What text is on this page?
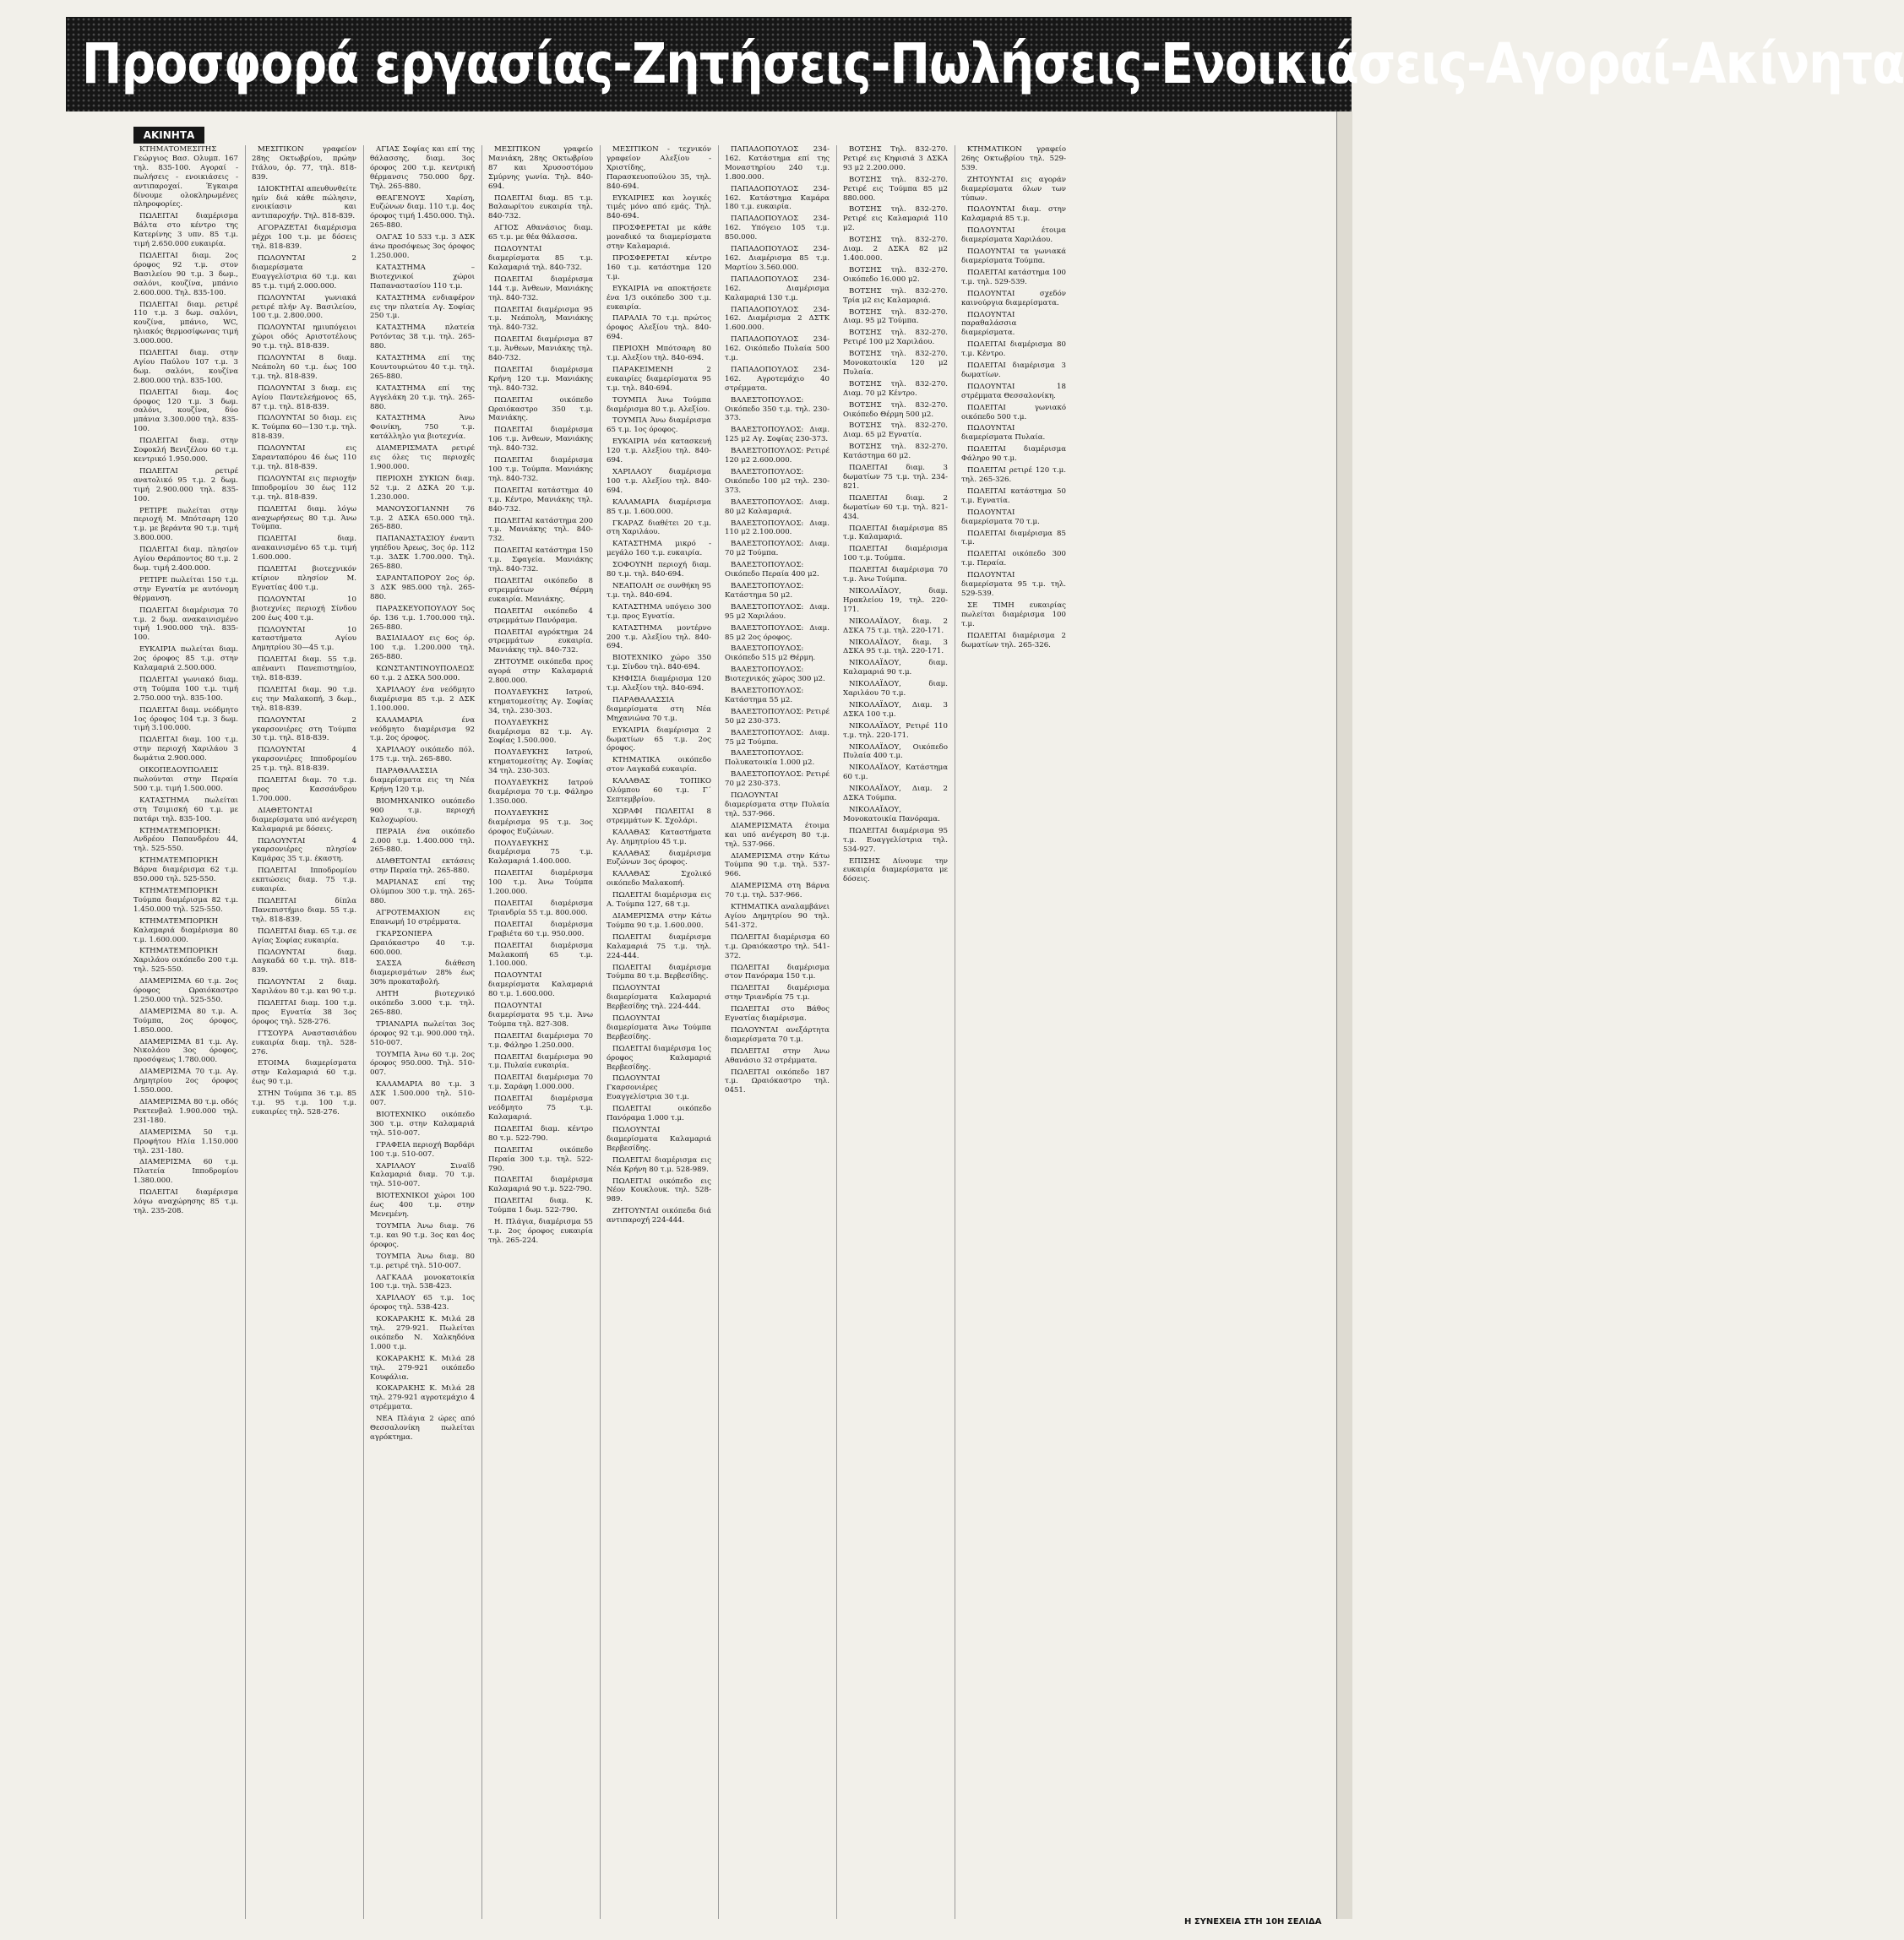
Προσφορά εργασίας-Ζητήσεις-Πωλήσεις-Ενοικιάσεις-Αγοραί-Ακίνητα
ΑΚΙΝΗΤΑ

ΚΤΗΜΑΤΟΜΕΣΙΤΗΣ Γεώργιος Βασ. Ολυμπ. 167 τηλ. 835-100. Αγοραί - πωλήσεις - ενοικιάσεις - αντιπαροχαί. Έγκαιρα δίνουμε ολοκληρωμένες πληροφορίες.

ΠΩΛΕΙΤΑΙ διαμέρισμα Βάλτα στο κέντρο της Κατερίνης 3 υπν. 85 τ.μ. τιμή 2.650.000 ευκαιρία.

ΠΩΛΕΙΤΑΙ διαμ. 2ος όροφος 92 τ.μ. στον Βασιλείου 90 τ.μ. 3 δωμ., σαλόνι, κουζίνα, μπάνιο 2.600.000. Τηλ. 835-100.

ΠΩΛΕΙΤΑΙ διαμ. ρετιρέ 110 τ.μ. 3 δωμ. σαλόνι, κουζίνα, μπάνιο, WC, ηλιακός θερμοσίφωνας τιμή 3.000.000.

ΠΩΛΕΙΤΑΙ διαμ. στην Αγίου Παύλου 107 τ.μ. 3 δωμ. σαλόνι, κουζίνα 2.800.000 τηλ. 835-100.

ΠΩΛΕΙΤΑΙ διαμ. 4ος όροφος 120 τ.μ. 3 δωμ. σαλόνι, κουζίνα, δύο μπάνια 3.300.000 τηλ. 835-100.

ΠΩΛΕΙΤΑΙ διαμ. στην Σοφοκλή Βενιζέλου 60 τ.μ. κεντρικό 1.950.000.

ΠΩΛΕΙΤΑΙ ρετιρέ ανατολικό 95 τ.μ. 2 δωμ. τιμή 2.900.000 τηλ. 835-100.

ΡΕΤΙΡΕ πωλείται στην περιοχή Μ. Μπότσαρη 120 τ.μ. με βεράντα 90 τ.μ. τιμή 3.800.000.

ΠΩΛΕΙΤΑΙ διαμ. πλησίον Αγίου Θεράποντος 80 τ.μ. 2 δωμ. τιμή 2.400.000.

ΡΕΤΙΡΕ πωλείται 150 τ.μ. στην Εγνατία με αυτόνομη θέρμανση.

ΠΩΛΕΙΤΑΙ διαμέρισμα 70 τ.μ. 2 δωμ. ανακαινισμένο τιμή 1.900.000 τηλ. 835-100.

ΕΥΚΑΙΡΙΑ πωλείται διαμ. 2ος όροφος 85 τ.μ. στην Καλαμαριά 2.500.000.

ΠΩΛΕΙΤΑΙ γωνιακό διαμ. στη Τούμπα 100 τ.μ. τιμή 2.750.000 τηλ. 835-100.

ΠΩΛΕΙΤΑΙ διαμ. νεόδμητο 1ος όροφος 104 τ.μ. 3 δωμ. τιμή 3.100.000.

ΠΩΛΕΙΤΑΙ διαμ. 100 τ.μ. στην περιοχή Χαριλάου 3 δωμάτια 2.900.000.

ΟΙΚΟΠΕΔΟΥΠΟΛΕΙΣ πωλούνται στην Περαία 500 τ.μ. τιμή 1.500.000.

ΚΑΤΑΣΤΗΜΑ πωλείται στη Τσιμισκή 60 τ.μ. με πατάρι τηλ. 835-100.

ΚΤΗΜΑΤΕΜΠΟΡΙΚΗ: Ανδρέου Παπανδρέου 44, τηλ. 525-550.

ΚΤΗΜΑΤΕΜΠΟΡΙΚΗ Βάρνα διαμέρισμα 62 τ.μ. 850.000 τηλ. 525-550.

ΚΤΗΜΑΤΕΜΠΟΡΙΚΗ Τούμπα διαμέρισμα 82 τ.μ. 1.450.000 τηλ. 525-550.

ΚΤΗΜΑΤΕΜΠΟΡΙΚΗ Καλαμαριά διαμέρισμα 80 τ.μ. 1.600.000.

ΚΤΗΜΑΤΕΜΠΟΡΙΚΗ Χαριλάου οικόπεδο 200 τ.μ. τηλ. 525-550.

ΔΙΑΜΕΡΙΣΜΑ 60 τ.μ. 2ος όροφος Ωραιόκαστρο 1.250.000 τηλ. 525-550.

ΔΙΑΜΕΡΙΣΜΑ 80 τ.μ. Α. Τούμπα, 2ος όροφος, 1.850.000.

ΔΙΑΜΕΡΙΣΜΑ 81 τ.μ. Αγ. Νικολάου 3ος όροφος, προσόψεως 1.780.000.

ΔΙΑΜΕΡΙΣΜΑ 70 τ.μ. Αγ. Δημητρίου 2ος όροφος 1.550.000.

ΔΙΑΜΕΡΙΣΜΑ 80 τ.μ. οδός Ρεκτενβαλ 1.900.000 τηλ. 231-180.

ΔΙΑΜΕΡΙΣΜΑ 50 τ.μ. Προφήτου Ηλία 1.150.000 τηλ. 231-180.

ΔΙΑΜΕΡΙΣΜΑ 60 τ.μ. Πλατεία Ιπποδρομίου 1.380.000.

ΠΩΛΕΙΤΑΙ διαμέρισμα λόγω αναχώρησης 85 τ.μ. τηλ. 235-208.

ΜΕΣΙΤΙΚΟΝ γραφείον 28ης Οκτωβρίου, πρώην Ιτάλου, όρ. 77, τηλ. 818-839.

ΙΔΙΟΚΤΗΤΑΙ απευθυνθείτε ημίν διά κάθε πώλησιν, ενοικίασιν και αντιπαροχήν. Τηλ. 818-839.

ΑΓΟΡΑΖΕΤΑΙ διαμέρισμα μέχρι 100 τ.μ. με δόσεις τηλ. 818-839.

ΠΩΛΟΥΝΤΑΙ 2 διαμερίσματα Ευαγγελίστρια 60 τ.μ. και 85 τ.μ. τιμή 2.000.000.

ΠΩΛΟΥΝΤΑΙ γωνιακά ρετιρέ πλήν Αγ. Βασιλείου, 100 τ.μ. 2.800.000.

ΠΩΛΟΥΝΤΑΙ ημιυπόγειοι χώροι οδός Αριστοτέλους 90 τ.μ. τηλ. 818-839.

ΠΩΛΟΥΝΤΑΙ 8 διαμ. Νεάπολη 60 τ.μ. έως 100 τ.μ. τηλ. 818-839.

ΠΩΛΟΥΝΤΑΙ 3 διαμ. εις Αγίου Παντελεήμονος 65, 87 τ.μ. τηλ. 818-839.

ΠΩΛΟΥΝΤΑΙ 50 διαμ. εις Κ. Τούμπα 60—130 τ.μ. τηλ. 818-839.

ΠΩΛΟΥΝΤΑΙ εις Σαρανταπόρου 46 έως 110 τ.μ. τηλ. 818-839.

ΠΩΛΟΥΝΤΑΙ εις περιοχήν Ιπποδρομίου 30 έως 112 τ.μ. τηλ. 818-839.

ΠΩΛΕΙΤΑΙ διαμ. λόγω αναχωρήσεως 80 τ.μ. Άνω Τούμπα.

ΠΩΛΕΙΤΑΙ διαμ. ανακαινισμένο 65 τ.μ. τιμή 1.600.000.

ΠΩΛΕΙΤΑΙ βιοτεχνικόν κτίριον πλησίον Μ. Εγνατίας 400 τ.μ.

ΠΩΛΟΥΝΤΑΙ 10 βιοτεχνίες περιοχή Σίνδου 200 έως 400 τ.μ.

ΠΩΛΟΥΝΤΑΙ 10 καταστήματα Αγίου Δημητρίου 30—45 τ.μ.

ΠΩΛΕΙΤΑΙ διαμ. 55 τ.μ. απέναντι Πανεπιστημίου, τηλ. 818-839.

ΠΩΛΕΙΤΑΙ διαμ. 90 τ.μ. εις την Μαλακοπή, 3 δωμ., τηλ. 818-839.

ΠΩΛΟΥΝΤΑΙ 2 γκαρσονιέρες στη Τούμπα 30 τ.μ. τηλ. 818-839.

ΠΩΛΟΥΝΤΑΙ 4 γκαρσονιέρες Ιπποδρομίου 25 τ.μ. τηλ. 818-839.

ΠΩΛΕΙΤΑΙ διαμ. 70 τ.μ. προς Κασσάνδρου 1.700.000.

ΔΙΑΘΕΤΟΝΤΑΙ διαμερίσματα υπό ανέγερση Καλαμαριά με δόσεις.

ΠΩΛΟΥΝΤΑΙ 4 γκαρσονιέρες πλησίον Καμάρας 35 τ.μ. έκαστη.

ΠΩΛΕΙΤΑΙ Ιπποδρομίου εκπτώσεις διαμ. 75 τ.μ. ευκαιρία.

ΠΩΛΕΙΤΑΙ δίπλα Πανεπιστήμιο διαμ. 55 τ.μ. τηλ. 818-839.

ΠΩΛΕΙΤΑΙ διαμ. 65 τ.μ. σε Αγίας Σοφίας ευκαιρία.

ΠΩΛΟΥΝΤΑΙ διαμ. Λαγκαδά 60 τ.μ. τηλ. 818-839.

ΠΩΛΟΥΝΤΑΙ 2 διαμ. Χαριλάου 80 τ.μ. και 90 τ.μ.

ΠΩΛΕΙΤΑΙ διαμ. 100 τ.μ. προς Εγνατία 38 3ος όροφος τηλ. 528-276.

ΓΤΣΟΥΡΑ Αναστασιάδου ευκαιρία διαμ. τηλ. 528-276.

ΕΤΟΙΜΑ διαμερίσματα στην Καλαμαριά 60 τ.μ. έως 90 τ.μ.

ΣΤΗΝ Τούμπα 36 τ.μ. 85 τ.μ. 95 τ.μ. 100 τ.μ. ευκαιρίες τηλ. 528-276.

ΑΓΙΑΣ Σοφίας και επί της θάλασσης, διαμ. 3ος όροφος 200 τ.μ. κεντρική θέρμανσις 750.000 δρχ. Τηλ. 265-880.

ΘΕΑΓΕΝΟΥΣ Χαρίση, Ευζώνων διαμ. 110 τ.μ. 4ος όροφος τιμή 1.450.000. Τηλ. 265-880.

ΟΛΓΑΣ 10 533 τ.μ. 3 ΔΣΚ άνω προσόψεως 3ος όροφος 1.250.000.

ΚΑΤΑΣΤΗΜΑ – Βιοτεχνικοί χώροι Παπαναστασίου 110 τ.μ.

ΚΑΤΑΣΤΗΜΑ ενδιαφέρον εις την πλατεία Αγ. Σοφίας 250 τ.μ.

ΚΑΤΑΣΤΗΜΑ πλατεία Ροτόντας 38 τ.μ. τηλ. 265-880.

ΚΑΤΑΣΤΗΜΑ επί της Κουντουριώτου 40 τ.μ. τηλ. 265-880.

ΚΑΤΑΣΤΗΜΑ επί της Αγγελάκη 20 τ.μ. τηλ. 265-880.

ΚΑΤΑΣΤΗΜΑ Άνω Φοινίκη, 750 τ.μ. κατάλληλο για βιοτεχνία.

ΔΙΑΜΕΡΙΣΜΑΤΑ ρετιρέ εις όλες τις περιοχές 1.900.000.

ΠΕΡΙΟΧΗ ΣΥΚΙΩΝ διαμ. 52 τ.μ. 2 ΔΣΚΑ 20 τ.μ. 1.230.000.

ΜΑΝΟΥΣΟΓΙΑΝΝΗ 76 τ.μ. 2 ΔΣΚΑ 650.000 τηλ. 265-880.

ΠΑΠΑΝΑΣΤΑΣΙΟΥ έναντι γηπέδου Άρεως, 3ος όρ. 112 τ.μ. 3ΔΣΚ 1.700.000. Τηλ. 265-880.

ΣΑΡΑΝΤΑΠΟΡΟΥ 2ος όρ. 3 ΔΣΚ 985.000 τηλ. 265-880.

ΠΑΡΑΣΚΕΥΟΠΟΥΛΟΥ 5ος όρ. 136 τ.μ. 1.700.000 τηλ. 265-880.

ΒΑΣΙΛΙΑΔΟΥ εις 6ος όρ. 100 τ.μ. 1.200.000 τηλ. 265-880.

ΚΩΝΣΤΑΝΤΙΝΟΥΠΟΛΕΩΣ 60 τ.μ. 2 ΔΣΚΑ 500.000.

ΧΑΡΙΛΑΟΥ ένα νεόδμητο διαμέρισμα 85 τ.μ. 2 ΔΣΚ 1.100.000.

ΚΑΛΑΜΑΡΙΑ ένα νεόδμητο διαμέρισμα 92 τ.μ. 2ος όροφος.

ΧΑΡΙΛΑΟΥ οικόπεδο πόλ. 175 τ.μ. τηλ. 265-880.

ΠΑΡΑΘΑΛΑΣΣΙΑ διαμερίσματα εις τη Νέα Κρήνη 120 τ.μ.

ΒΙΟΜΗΧΑΝΙΚΟ οικόπεδο 900 τ.μ. περιοχή Καλοχωρίου.

ΠΕΡΑΙΑ ένα οικόπεδο 2.000 τ.μ. 1.400.000 τηλ. 265-880.

ΔΙΑΘΕΤΟΝΤΑΙ εκτάσεις στην Περαία τηλ. 265-880.

ΜΑΡΙΑΝΑΣ επί της Ολύμπου 300 τ.μ. τηλ. 265-880.

ΑΓΡΟΤΕΜΑΧΙΟΝ εις Επανωμή 10 στρέμματα.

ΓΚΑΡΣΟΝΙΕΡΑ Ωραιόκαστρο 40 τ.μ. 600.000.

ΣΑΣΣΑ διάθεση διαμερισμάτων 28% έως 30% προκαταβολή.

ΛΗΤΗ βιοτεχνικό οικόπεδο 3.000 τ.μ. τηλ. 265-880.

ΤΡΙΑΝΔΡΙΑ πωλείται 3ος όροφος 92 τ.μ. 900.000 τηλ. 510-007.

ΤΟΥΜΠΑ Άνω 60 τ.μ. 2ος όροφος 950.000. Τηλ. 510-007.

ΚΑΛΑΜΑΡΙΑ 80 τ.μ. 3 ΔΣΚ 1.500.000 τηλ. 510-007.

ΒΙΟΤΕΧΝΙΚΟ οικόπεδο 300 τ.μ. στην Καλαμαριά τηλ. 510-007.

ΓΡΑΦΕΙΑ περιοχή Βαρδάρι 100 τ.μ. 510-007.

ΧΑΡΙΛΑΟΥ Σιναϊδ Καλαμαριά διαμ. 70 τ.μ. τηλ. 510-007.

ΒΙΟΤΕΧΝΙΚΟΙ χώροι 100 έως 400 τ.μ. στην Μενεμένη.

ΤΟΥΜΠΑ Άνω διαμ. 76 τ.μ. και 90 τ.μ. 3ος και 4ος όροφος.

ΤΟΥΜΠΑ Άνω διαμ. 80 τ.μ. ρετιρέ τηλ. 510-007.

ΛΑΓΚΑΔΑ μονοκατοικία 100 τ.μ. τηλ. 538-423.

ΧΑΡΙΛΑΟΥ 65 τ.μ. 1ος όροφος τηλ. 538-423.

ΚΟΚΑΡΑΚΗΣ Κ. Μιλά 28 τηλ. 279-921. Πωλείται οικόπεδο Ν. Χαλκηδόνα 1.000 τ.μ.

ΚΟΚΑΡΑΚΗΣ Κ. Μιλά 28 τηλ. 279-921 οικόπεδο Κουφάλια.

ΚΟΚΑΡΑΚΗΣ Κ. Μιλά 28 τηλ. 279-921 αγροτεμάχιο 4 στρέμματα.

ΝΕΑ Πλάγια 2 ώρες από Θεσσαλονίκη πωλείται αγρόκτημα.

ΜΕΣΙΤΙΚΟΝ γραφείο Μανιάκη, 28ης Οκτωβρίου 87 και Χρυσοστόμου Σμύρνης γωνία. Τηλ. 840-694.

ΠΩΛΕΙΤΑΙ διαμ. 85 τ.μ. Βαλαωρίτου ευκαιρία τηλ. 840-732.

ΑΓΙΟΣ Αθανάσιος διαμ. 65 τ.μ. με θέα θάλασσα.

ΠΩΛΟΥΝΤΑΙ διαμερίσματα 85 τ.μ. Καλαμαριά τηλ. 840-732.

ΠΩΛΕΙΤΑΙ διαμέρισμα 144 τ.μ. Άνθεων, Μανιάκης τηλ. 840-732.

ΠΩΛΕΙΤΑΙ διαμέρισμα 95 τ.μ. Νεάπολη, Μανιάκης τηλ. 840-732.

ΠΩΛΕΙΤΑΙ διαμέρισμα 87 τ.μ. Άνθεων, Μανιάκης τηλ. 840-732.

ΠΩΛΕΙΤΑΙ διαμέρισμα Κρήνη 120 τ.μ. Μανιάκης τηλ. 840-732.

ΠΩΛΕΙΤΑΙ οικόπεδο Ωραιόκαστρο 350 τ.μ. Μανιάκης.

ΠΩΛΕΙΤΑΙ διαμέρισμα 106 τ.μ. Άνθεων, Μανιάκης τηλ. 840-732.

ΠΩΛΕΙΤΑΙ διαμέρισμα 100 τ.μ. Τούμπα. Μανιάκης τηλ. 840-732.

ΠΩΛΕΙΤΑΙ κατάστημα 40 τ.μ. Κέντρο, Μανιάκης τηλ. 840-732.

ΠΩΛΕΙΤΑΙ κατάστημα 200 τ.μ. Μανιάκης τηλ. 840-732.

ΠΩΛΕΙΤΑΙ κατάστημα 150 τ.μ. Σφαγεία. Μανιάκης τηλ. 840-732.

ΠΩΛΕΙΤΑΙ οικόπεδο 8 στρεμμάτων Θέρμη ευκαιρία. Μανιάκης.

ΠΩΛΕΙΤΑΙ οικόπεδο 4 στρεμμάτων Πανόραμα.

ΠΩΛΕΙΤΑΙ αγρόκτημα 24 στρεμμάτων ευκαιρία. Μανιάκης τηλ. 840-732.

ΖΗΤΟΥΜΕ οικόπεδα προς αγορά στην Καλαμαριά 2.800.000.

ΠΟΛΥΔΕΥΚΗΣ Ιατρού, κτηματομεσίτης Αγ. Σοφίας 34, τηλ. 230-303.

ΠΟΛΥΔΕΥΚΗΣ διαμέρισμα 82 τ.μ. Αγ. Σοφίας 1.500.000.

ΠΟΛΥΔΕΥΚΗΣ Ιατρού, κτηματομεσίτης Αγ. Σοφίας 34 τηλ. 230-303.

ΠΟΛΥΔΕΥΚΗΣ Ιατρού διαμέρισμα 70 τ.μ. Φάληρο 1.350.000.

ΠΟΛΥΔΕΥΚΗΣ διαμέρισμα 95 τ.μ. 3ος όροφος Ευζώνων.

ΠΟΛΥΔΕΥΚΗΣ διαμέρισμα 75 τ.μ. Καλαμαριά 1.400.000.

ΠΩΛΕΙΤΑΙ διαμέρισμα 100 τ.μ. Άνω Τούμπα 1.200.000.

ΠΩΛΕΙΤΑΙ διαμέρισμα Τριανδρία 55 τ.μ. 800.000.

ΠΩΛΕΙΤΑΙ διαμέρισμα Γραβιέτα 60 τ.μ. 950.000.

ΠΩΛΕΙΤΑΙ διαμέρισμα Μαλακοπή 65 τ.μ. 1.100.000.

ΠΩΛΟΥΝΤΑΙ διαμερίσματα Καλαμαριά 80 τ.μ. 1.600.000.

ΠΩΛΟΥΝΤΑΙ διαμερίσματα 95 τ.μ. Άνω Τούμπα τηλ. 827-308.

ΠΩΛΕΙΤΑΙ διαμέρισμα 70 τ.μ. Φάληρο 1.250.000.

ΠΩΛΕΙΤΑΙ διαμέρισμα 90 τ.μ. Πυλαία ευκαιρία.

ΠΩΛΕΙΤΑΙ διαμέρισμα 70 τ.μ. Σαράφη 1.000.000.

ΠΩΛΕΙΤΑΙ διαμέρισμα νεόδμητο 75 τ.μ. Καλαμαριά.

ΠΩΛΕΙΤΑΙ διαμ. κέντρο 80 τ.μ. 522-790.

ΠΩΛΕΙΤΑΙ οικόπεδο Περαία 300 τ.μ. τηλ. 522-790.

ΠΩΛΕΙΤΑΙ διαμέρισμα Καλαμαριά 90 τ.μ. 522-790.

ΠΩΛΕΙΤΑΙ διαμ. Κ. Τούμπα 1 δωμ. 522-790.

Η. Πλάγια, διαμέρισμα 55 τ.μ. 2ος όροφος ευκαιρία τηλ. 265-224.

ΜΕΣΙΤΙΚΟΝ - τεχνικόν γραφείον Αλεξίου - Χριστίδης, Παρασκευοπούλου 35, τηλ. 840-694.

ΕΥΚΑΙΡΙΕΣ και λογικές τιμές μόνο από εμάς. Τηλ. 840-694.

ΠΡΟΣΦΕΡΕΤΑΙ με κάθε μοναδικό τα διαμερίσματα στην Καλαμαριά.

ΠΡΟΣΦΕΡΕΤΑΙ κέντρο 160 τ.μ. κατάστημα 120 τ.μ.

ΕΥΚΑΙΡΙΑ να αποκτήσετε ένα 1/3 οικόπεδο 300 τ.μ. ευκαιρία.

ΠΑΡΑΛΙΑ 70 τ.μ. πρώτος όροφος Αλεξίου τηλ. 840-694.

ΠΕΡΙΟΧΗ Μπότσαρη 80 τ.μ. Αλεξίου τηλ. 840-694.

ΠΑΡΑΚΕΙΜΕΝΗ 2 ευκαιρίες διαμερίσματα 95 τ.μ. τηλ. 840-694.

ΤΟΥΜΠΑ Άνω Τούμπα διαμέρισμα 80 τ.μ. Αλεξίου.

ΤΟΥΜΠΑ Άνω διαμέρισμα 65 τ.μ. 1ος όροφος.

ΕΥΚΑΙΡΙΑ νέα κατασκευή 120 τ.μ. Αλεξίου τηλ. 840-694.

ΧΑΡΙΛΑΟΥ διαμέρισμα 100 τ.μ. Αλεξίου τηλ. 840-694.

ΚΑΛΑΜΑΡΙΑ διαμέρισμα 85 τ.μ. 1.600.000.

ΓΚΑΡΑΖ διαθέτει 20 τ.μ. στη Χαριλάου.

ΚΑΤΑΣΤΗΜΑ μικρό - μεγάλο 160 τ.μ. ευκαιρία.

ΣΟΦΟΥΝΗ περιοχή διαμ. 80 τ.μ. τηλ. 840-694.

ΝΕΑΠΟΛΗ σε συνθήκη 95 τ.μ. τηλ. 840-694.

ΚΑΤΑΣΤΗΜΑ υπόγειο 300 τ.μ. προς Εγνατία.

ΚΑΤΑΣΤΗΜΑ μοντέρνο 200 τ.μ. Αλεξίου τηλ. 840-694.

ΒΙΟΤΕΧΝΙΚΟ χώρο 350 τ.μ. Σίνδου τηλ. 840-694.

ΚΗΦΙΣΙΑ διαμέρισμα 120 τ.μ. Αλεξίου τηλ. 840-694.

ΠΑΡΑΘΑΛΑΣΣΙΑ διαμερίσματα στη Νέα Μηχανιώνα 70 τ.μ.

ΕΥΚΑΙΡΙΑ διαμέρισμα 2 δωματίων 65 τ.μ. 2ος όροφος.

ΚΤΗΜΑΤΙΚΑ οικόπεδο στον Λαγκαδά ευκαιρία.

ΚΑΛΑΘΑΣ ΤΟΠΙΚΟ Ολύμπου 60 τ.μ. Γ΄ Σεπτεμβρίου.

ΧΩΡΑΦΙ ΠΩΛΕΙΤΑΙ 8 στρεμμάτων Κ. Σχολάρι.

ΚΑΛΑΘΑΣ Καταστήματα Αγ. Δημητρίου 45 τ.μ.

ΚΑΛΑΘΑΣ διαμέρισμα Ευζώνων 3ος όροφος.

ΚΑΛΑΘΑΣ Σχολικό οικόπεδο Μαλακοπή.

ΠΩΛΕΙΤΑΙ διαμέρισμα εις Α. Τούμπα 127, 68 τ.μ.

ΔΙΑΜΕΡΙΣΜΑ στην Κάτω Τούμπα 90 τ.μ. 1.600.000.

ΠΩΛΕΙΤΑΙ διαμέρισμα Καλαμαριά 75 τ.μ. τηλ. 224-444.

ΠΩΛΕΙΤΑΙ διαμέρισμα Τούμπα 80 τ.μ. Βερβεσίδης.

ΠΩΛΟΥΝΤΑΙ διαμερίσματα Καλαμαριά Βερβεσίδης τηλ. 224-444.

ΠΩΛΟΥΝΤΑΙ διαμερίσματα Άνω Τούμπα Βερβεσίδης.

ΠΩΛΕΙΤΑΙ διαμέρισμα 1ος όροφος Καλαμαριά Βερβεσίδης.

ΠΩΛΟΥΝΤΑΙ Γκαρσονιέρες Ευαγγελίστρια 30 τ.μ.

ΠΩΛΕΙΤΑΙ οικόπεδο Πανόραμα 1.000 τ.μ.

ΠΩΛΟΥΝΤΑΙ διαμερίσματα Καλαμαριά Βερβεσίδης.

ΠΩΛΕΙΤΑΙ διαμέρισμα εις Νέα Κρήνη 80 τ.μ. 528-989.

ΠΩΛΕΙΤΑΙ οικόπεδο εις Νέον Κουκλουκ. τηλ. 528-989.

ΖΗΤΟΥΝΤΑΙ οικόπεδα διά αντιπαροχή 224-444.

ΠΑΠΑΔΟΠΟΥΛΟΣ 234-162. Κατάστημα επί της Μοναστηρίου 240 τ.μ. 1.800.000.

ΠΑΠΑΔΟΠΟΥΛΟΣ 234-162. Κατάστημα Καμάρα 180 τ.μ. ευκαιρία.

ΠΑΠΑΔΟΠΟΥΛΟΣ 234-162. Υπόγειο 105 τ.μ. 850.000.

ΠΑΠΑΔΟΠΟΥΛΟΣ 234-162. Διαμέρισμα 85 τ.μ. Μαρτίου 3.560.000.

ΠΑΠΑΔΟΠΟΥΛΟΣ 234-162. Διαμέρισμα Καλαμαριά 130 τ.μ.

ΠΑΠΑΔΟΠΟΥΛΟΣ 234-162. Διαμέρισμα 2 ΔΣΤΚ 1.600.000.

ΠΑΠΑΔΟΠΟΥΛΟΣ 234-162. Οικόπεδο Πυλαία 500 τ.μ.

ΠΑΠΑΔΟΠΟΥΛΟΣ 234-162. Αγροτεμάχιο 40 στρέμματα.

ΒΑΛΕΣΤΟΠΟΥΛΟΣ: Οικόπεδο 350 τ.μ. τηλ. 230-373.

ΒΑΛΕΣΤΟΠΟΥΛΟΣ: Διαμ. 125 μ2 Αγ. Σοφίας 230-373.

ΒΑΛΕΣΤΟΠΟΥΛΟΣ: Ρετιρέ 120 μ2 2.600.000.

ΒΑΛΕΣΤΟΠΟΥΛΟΣ: Οικόπεδο 100 μ2 τηλ. 230-373.

ΒΑΛΕΣΤΟΠΟΥΛΟΣ: Διαμ. 80 μ2 Καλαμαριά.

ΒΑΛΕΣΤΟΠΟΥΛΟΣ: Διαμ. 110 μ2 2.100.000.

ΒΑΛΕΣΤΟΠΟΥΛΟΣ: Διαμ. 70 μ2 Τούμπα.

ΒΑΛΕΣΤΟΠΟΥΛΟΣ: Οικόπεδο Περαία 400 μ2.

ΒΑΛΕΣΤΟΠΟΥΛΟΣ: Κατάστημα 50 μ2.

ΒΑΛΕΣΤΟΠΟΥΛΟΣ: Διαμ. 95 μ2 Χαριλάου.

ΒΑΛΕΣΤΟΠΟΥΛΟΣ: Διαμ. 85 μ2 2ος όροφος.

ΒΑΛΕΣΤΟΠΟΥΛΟΣ: Οικόπεδο 515 μ2 Θέρμη.

ΒΑΛΕΣΤΟΠΟΥΛΟΣ: Βιοτεχνικός χώρος 300 μ2.

ΒΑΛΕΣΤΟΠΟΥΛΟΣ: Κατάστημα 55 μ2.

ΒΑΛΕΣΤΟΠΟΥΛΟΣ: Ρετιρέ 50 μ2 230-373.

ΒΑΛΕΣΤΟΠΟΥΛΟΣ: Διαμ. 75 μ2 Τούμπα.

ΒΑΛΕΣΤΟΠΟΥΛΟΣ: Πολυκατοικία 1.000 μ2.

ΒΑΛΕΣΤΟΠΟΥΛΟΣ: Ρετιρέ 70 μ2 230-373.

ΠΩΛΟΥΝΤΑΙ διαμερίσματα στην Πυλαία τηλ. 537-966.

ΔΙΑΜΕΡΙΣΜΑΤΑ έτοιμα και υπό ανέγερση 80 τ.μ. τηλ. 537-966.

ΔΙΑΜΕΡΙΣΜΑ στην Κάτω Τούμπα 90 τ.μ. τηλ. 537-966.

ΔΙΑΜΕΡΙΣΜΑ στη Βάρνα 70 τ.μ. τηλ. 537-966.

ΚΤΗΜΑΤΙΚΑ αναλαμβάνει Αγίου Δημητρίου 90 τηλ. 541-372.

ΠΩΛΕΙΤΑΙ διαμέρισμα 60 τ.μ. Ωραιόκαστρο τηλ. 541-372.

ΠΩΛΕΙΤΑΙ διαμέρισμα στον Πανόραμα 150 τ.μ.

ΠΩΛΕΙΤΑΙ διαμέρισμα στην Τριανδρία 75 τ.μ.

ΠΩΛΕΙΤΑΙ στο Βάθος Εγνατίας διαμέρισμα.

ΠΩΛΟΥΝΤΑΙ ανεξάρτητα διαμερίσματα 70 τ.μ.

ΠΩΛΕΙΤΑΙ στην Άνω Αθανάσιο 32 στρέμματα.

ΠΩΛΕΙΤΑΙ οικόπεδο 187 τ.μ. Ωραιόκαστρο τηλ. 0451.

ΒΟΤΣΗΣ Τηλ. 832-270. Ρετιρέ εις Κηφισιά 3 ΔΣΚΑ 93 μ2 2.200.000.

ΒΟΤΣΗΣ τηλ. 832-270. Ρετιρέ εις Τούμπα 85 μ2 880.000.

ΒΟΤΣΗΣ τηλ. 832-270. Ρετιρέ εις Καλαμαριά 110 μ2.

ΒΟΤΣΗΣ τηλ. 832-270. Διαμ. 2 ΔΣΚΑ 82 μ2 1.400.000.

ΒΟΤΣΗΣ τηλ. 832-270. Οικόπεδο 16.000 μ2.

ΒΟΤΣΗΣ τηλ. 832-270. Τρία μ2 εις Καλαμαριά.

ΒΟΤΣΗΣ τηλ. 832-270. Διαμ. 95 μ2 Τούμπα.

ΒΟΤΣΗΣ τηλ. 832-270. Ρετιρέ 100 μ2 Χαριλάου.

ΒΟΤΣΗΣ τηλ. 832-270. Μονοκατοικία 120 μ2 Πυλαία.

ΒΟΤΣΗΣ τηλ. 832-270. Διαμ. 70 μ2 Κέντρο.

ΒΟΤΣΗΣ τηλ. 832-270. Οικόπεδο Θέρμη 500 μ2.

ΒΟΤΣΗΣ τηλ. 832-270. Διαμ. 65 μ2 Εγνατία.

ΒΟΤΣΗΣ τηλ. 832-270. Κατάστημα 60 μ2.

ΠΩΛΕΙΤΑΙ διαμ. 3 δωματίων 75 τ.μ. τηλ. 234-821.

ΠΩΛΕΙΤΑΙ διαμ. 2 δωματίων 60 τ.μ. τηλ. 821-434.

ΠΩΛΕΙΤΑΙ διαμέρισμα 85 τ.μ. Καλαμαριά.

ΠΩΛΕΙΤΑΙ διαμέρισμα 100 τ.μ. Τούμπα.

ΠΩΛΕΙΤΑΙ διαμέρισμα 70 τ.μ. Άνω Τούμπα.

ΝΙΚΟΛΑΪΔΟΥ, διαμ. Ηρακλείου 19, τηλ. 220-171.

ΝΙΚΟΛΑΪΔΟΥ, διαμ. 2 ΔΣΚΑ 75 τ.μ. τηλ. 220-171.

ΝΙΚΟΛΑΪΔΟΥ, διαμ. 3 ΔΣΚΑ 95 τ.μ. τηλ. 220-171.

ΝΙΚΟΛΑΪΔΟΥ, διαμ. Καλαμαριά 90 τ.μ.

ΝΙΚΟΛΑΪΔΟΥ, διαμ. Χαριλάου 70 τ.μ.

ΝΙΚΟΛΑΪΔΟΥ, Διαμ. 3 ΔΣΚΑ 100 τ.μ.

ΝΙΚΟΛΑΪΔΟΥ, Ρετιρέ 110 τ.μ. τηλ. 220-171.

ΝΙΚΟΛΑΪΔΟΥ, Οικόπεδο Πυλαία 400 τ.μ.

ΝΙΚΟΛΑΪΔΟΥ, Κατάστημα 60 τ.μ.

ΝΙΚΟΛΑΪΔΟΥ, Διαμ. 2 ΔΣΚΑ Τούμπα.

ΝΙΚΟΛΑΪΔΟΥ, Μονοκατοικία Πανόραμα.

ΠΩΛΕΙΤΑΙ διαμέρισμα 95 τ.μ. Ευαγγελίστρια τηλ. 534-927.

ΕΠΙΣΗΣ Δίνουμε την ευκαιρία διαμερίσματα με δόσεις.

ΚΤΗΜΑΤΙΚΟΝ γραφείο 26ης Οκτωβρίου τηλ. 529-539.

ΖΗΤΟΥΝΤΑΙ εις αγοράν διαμερίσματα όλων των τύπων.

ΠΩΛΟΥΝΤΑΙ διαμ. στην Καλαμαριά 85 τ.μ.

ΠΩΛΟΥΝΤΑΙ έτοιμα διαμερίσματα Χαριλάου.

ΠΩΛΟΥΝΤΑΙ τα γωνιακά διαμερίσματα Τούμπα.

ΠΩΛΕΙΤΑΙ κατάστημα 100 τ.μ. τηλ. 529-539.

ΠΩΛΟΥΝΤΑΙ σχεδόν καινούργια διαμερίσματα.

ΠΩΛΟΥΝΤΑΙ παραθαλάσσια διαμερίσματα.

ΠΩΛΕΙΤΑΙ διαμέρισμα 80 τ.μ. Κέντρο.

ΠΩΛΕΙΤΑΙ διαμέρισμα 3 δωματίων.

ΠΩΛΟΥΝΤΑΙ 18 στρέμματα Θεσσαλονίκη.

ΠΩΛΕΙΤΑΙ γωνιακό οικόπεδο 500 τ.μ.

ΠΩΛΟΥΝΤΑΙ διαμερίσματα Πυλαία.

ΠΩΛΕΙΤΑΙ διαμέρισμα Φάληρο 90 τ.μ.

ΠΩΛΕΙΤΑΙ ρετιρέ 120 τ.μ. τηλ. 265-326.

ΠΩΛΕΙΤΑΙ κατάστημα 50 τ.μ. Εγνατία.

ΠΩΛΟΥΝΤΑΙ διαμερίσματα 70 τ.μ.

ΠΩΛΕΙΤΑΙ διαμέρισμα 85 τ.μ.

ΠΩΛΕΙΤΑΙ οικόπεδο 300 τ.μ. Περαία.

ΠΩΛΟΥΝΤΑΙ διαμερίσματα 95 τ.μ. τηλ. 529-539.

ΣΕ ΤΙΜΗ ευκαιρίας πωλείται διαμέρισμα 100 τ.μ.

ΠΩΛΕΙΤΑΙ διαμέρισμα 2 δωματίων τηλ. 265-326.

Η ΣΥΝΕΧΕΙΑ ΣΤΗ 10Η ΣΕΛΙΔΑ
